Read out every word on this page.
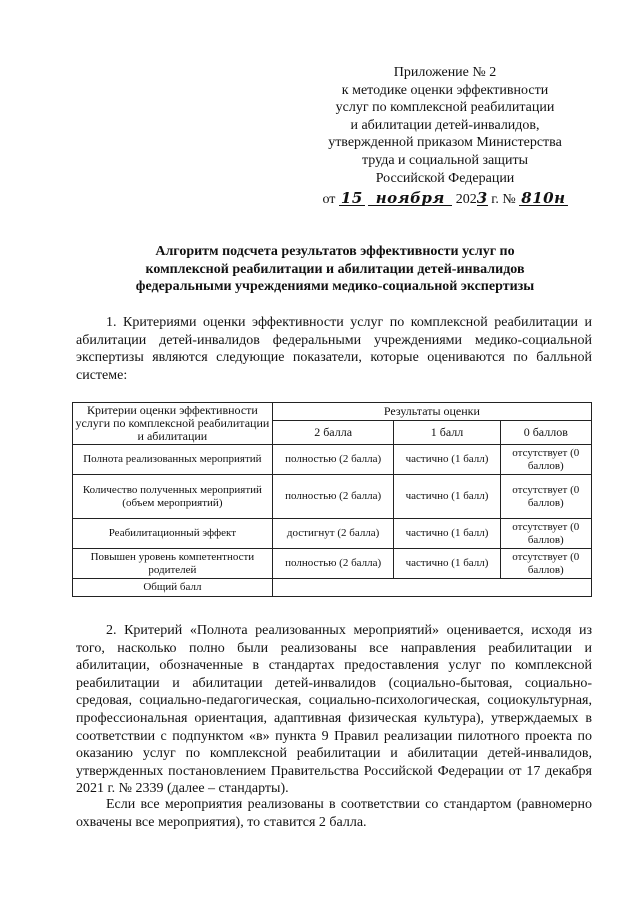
Приложение № 2
к методике оценки эффективности
услуг по комплексной реабилитации
и абилитации детей-инвалидов,
утвержденной приказом Министерства
труда и социальной защиты
Российской Федерации
от 15 ноября 2023 г. № 810н
Алгоритм подсчета результатов эффективности услуг по
комплексной реабилитации и абилитации детей-инвалидов
федеральными учреждениями медико-социальной экспертизы

1. Критериями оценки эффективности услуг по комплексной реабилитации и абилитации детей-инвалидов федеральными учреждениями медико-социальной экспертизы являются следующие показатели, которые оцениваются по балльной системе:

Критерии оценки эффективности услуги по комплексной реабилитации и абилитации	Результаты оценки		
	2 балла	1 балл	0 баллов
Полнота реализованных мероприятий	полностью (2 балла)	частично (1 балл)	отсутствует (0 баллов)
Количество полученных мероприятий (объем мероприятий)	полностью (2 балла)	частично (1 балл)	отсутствует (0 баллов)
Реабилитационный эффект	достигнут (2 балла)	частично (1 балл)	отсутствует (0 баллов)
Повышен уровень компетентности родителей	полностью (2 балла)	частично (1 балл)	отсутствует (0 баллов)
Общий балл			

2. Критерий «Полнота реализованных мероприятий» оценивается, исходя из того, насколько полно были реализованы все направления реабилитации и абилитации, обозначенные в стандартах предоставления услуг по комплексной реабилитации и абилитации детей-инвалидов (социально-бытовая, социально-средовая, социально-педагогическая, социально-психологическая, социокультурная, профессиональная ориентация, адаптивная физическая культура), утверждаемых в соответствии с подпунктом «в» пункта 9 Правил реализации пилотного проекта по оказанию услуг по комплексной реабилитации и абилитации детей-инвалидов, утвержденных постановлением Правительства Российской Федерации от 17 декабря 2021 г. № 2339 (далее – стандарты).

Если все мероприятия реализованы в соответствии со стандартом (равномерно охвачены все мероприятия), то ставится 2 балла.
